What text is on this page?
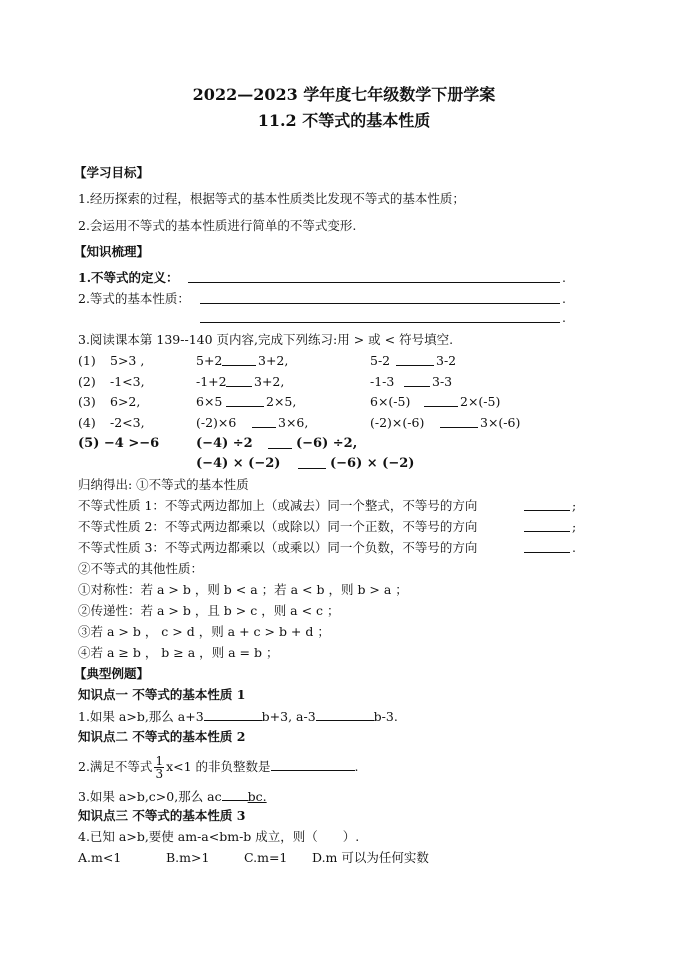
2022—2023 学年度七年级数学下册学案
11.2 不等式的基本性质
【学习目标】
1.经历探索的过程，根据等式的基本性质类比发现不等式的基本性质；
2.会运用不等式的基本性质进行简单的不等式变形.
【知识梳理】
1.不等式的定义：	.
2.等式的基本性质：	.
.
3.阅读课本第 139--140 页内容,完成下列练习:用 > 或 < 符号填空.
(1) 5>3 ,	5+2	3+2,	5-2	3-2
(2) -1<3,	-1+2 3+2,	-1-3	3-3
(3) 6>2,	6×5	2×5,	6×(-5)	2×(-5)
(4) -2<3,	(-2)×6	3×6,	(-2)×(-6)	3×(-6)
(5) −4 >−6	(−4) ÷2	(−6) ÷2,
(−4) × (−2)	(−6) × (−2)
归纳得出: ①不等式的基本性质
不等式性质 1：不等式两边都加上（或减去）同一个整式，不等号的方向	;
不等式性质 2：不等式两边都乘以（或除以）同一个正数，不等号的方向	;
不等式性质 3：不等式两边都乘以（或乘以）同一个负数，不等号的方向	.
②不等式的其他性质：
①对称性：若 a > b ，则 b < a ；若 a < b ，则 b > a ；
②传递性：若 a > b ，且 b > c ，则 a < c ；
③若 a > b ， c > d ，则 a + c > b + d ；
④若 a ≥ b ， b ≥ a ，则 a = b ；
【典型例题】
知识点一 不等式的基本性质 1
1.如果 a>b,那么 a+3	b+3, a-3	b-3.
知识点二 不等式的基本性质 2
2.满足不等式 $\frac{1}{3} x<1$ 的非负整数是	.
3.如果 a>b,c>0,那么 ac bc.
知识点三 不等式的基本性质 3
4.已知 a>b,要使 am-a<bm-b 成立，则（　　）.
A.m<1	B.m>1	C.m=1 D.m 可以为任何实数
